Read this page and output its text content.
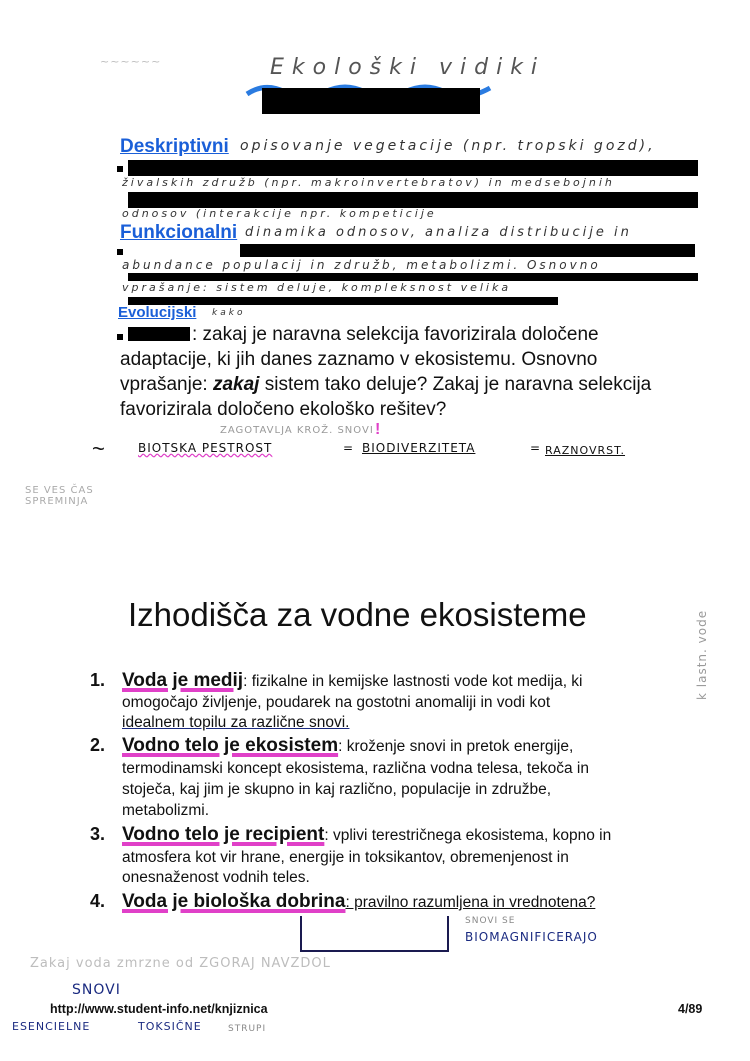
~~~~~~	Ekološki vidiki
Deskriptivni opisovanje vegetacije (npr. tropski gozd),
živalskih združb (npr. makroinvertebratov) in medsebojnih
odnosov (interakcije npr. kompeticije
Funkcionalni dinamika odnosov, analiza distribucije in
abundance populacij in združb, metabolizmi. Osnovno
vprašanje: sistem deluje, kompleksnost velika
Evolucijski kako
: zakaj je naravna selekcija favorizirala določene
adaptacije, ki jih danes zaznamo v ekosistemu. Osnovno
vprašanje: zakaj sistem tako deluje? Zakaj je naravna selekcija
favorizirala določeno ekološko rešitev?
ZAGOTAVLJA KROŽ. SNOVI !
~	BIOTSKA PESTROST	= BIODIVERZITETA	= RAZNOVRST.
SE VES ČAS SPREMINJA
Izhodišča za vodne ekosisteme
1. Voda je medij: fizikalne in kemijske lastnosti vode kot medija, ki
omogočajo življenje, poudarek na gostotni anomaliji in vodi kot
idealnem topilu za različne snovi.
2. Vodno telo je ekosistem: kroženje snovi in pretok energije,
termodinamski koncept ekosistema, različna vodna telesa, tekoča in
stoječa, kaj jim je skupno in kaj različno, populacije in združbe,
metabolizmi.
3. Vodno telo je recipient: vplivi terestričnega ekosistema, kopno in
atmosfera kot vir hrane, energije in toksikantov, obremenjenost in
onesnaženost vodnih teles.
4. Voda je biološka dobrina: pravilno razumljena in vrednotena?
SNOVI SE
BIOMAGNIFICERAJO
Zakaj voda zmrzne od ZGORAJ NAVZDOL
k lastn. vode
SNOVI
ESENCIELNE	TOKSIČNE	STRUPI
http://www.student-info.net/knjiznica	4/89
